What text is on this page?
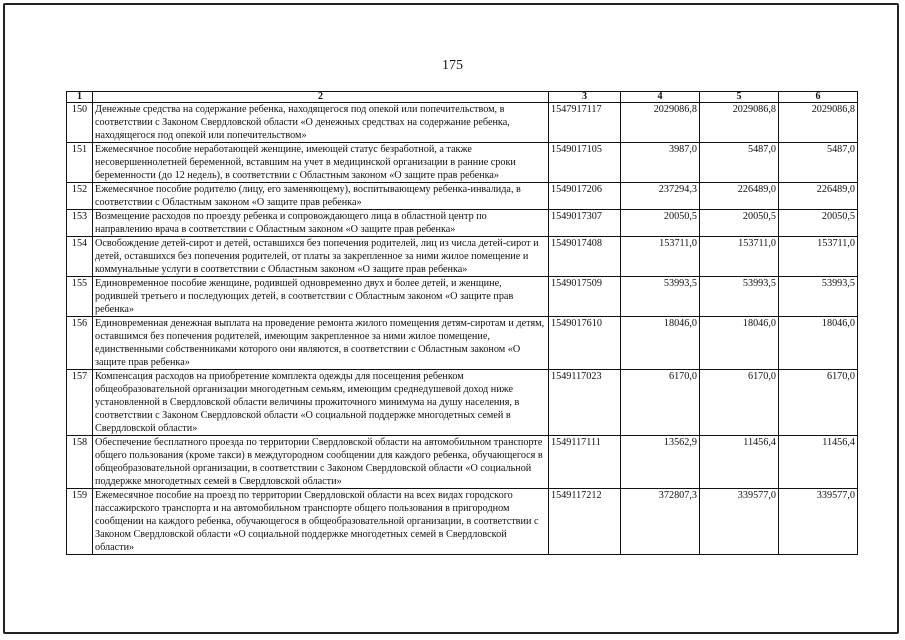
175
1	2	3	4	5	6
150	Денежные средства на содержание ребенка, находящегося под опекой или попечительством, в соответствии с Законом Свердловской области «О денежных средствах на содержание ребенка, находящегося под опекой или попечительством»	1547917117	2029086,8	2029086,8	2029086,8
151	Ежемесячное пособие неработающей женщине, имеющей статус безработной, а также несовершеннолетней беременной, вставшим на учет в медицинской организации в ранние сроки беременности (до 12 недель), в соответствии с Областным законом «О защите прав ребенка»	1549017105	3987,0	5487,0	5487,0
152	Ежемесячное пособие родителю (лицу, его заменяющему), воспитывающему ребенка-инвалида, в соответствии с Областным законом «О защите прав ребенка»	1549017206	237294,3	226489,0	226489,0
153	Возмещение расходов по проезду ребенка и сопровождающего лица в областной центр по направлению врача в соответствии с Областным законом «О защите прав ребенка»	1549017307	20050,5	20050,5	20050,5
154	Освобождение детей-сирот и детей, оставшихся без попечения родителей, лиц из числа детей-сирот и детей, оставшихся без попечения родителей, от платы за закрепленное за ними жилое помещение и коммунальные услуги в соответствии с Областным законом «О защите прав ребенка»	1549017408	153711,0	153711,0	153711,0
155	Единовременное пособие женщине, родившей одновременно двух и более детей, и женщине, родившей третьего и последующих детей, в соответствии с Областным законом «О защите прав ребенка»	1549017509	53993,5	53993,5	53993,5
156	Единовременная денежная выплата на проведение ремонта жилого помещения детям-сиротам и детям, оставшимся без попечения родителей, имеющим закрепленное за ними жилое помещение, единственными собственниками которого они являются, в соответствии с Областным законом «О защите прав ребенка»	1549017610	18046,0	18046,0	18046,0
157	Компенсация расходов на приобретение комплекта одежды для посещения ребенком общеобразовательной организации многодетным семьям, имеющим среднедушевой доход ниже установленной в Свердловской области величины прожиточного минимума на душу населения, в соответствии с Законом Свердловской области «О социальной поддержке многодетных семей в Свердловской области»	1549117023	6170,0	6170,0	6170,0
158	Обеспечение бесплатного проезда по территории Свердловской области на автомобильном транспорте общего пользования (кроме такси) в междугородном сообщении для каждого ребенка, обучающегося в общеобразовательной организации, в соответствии с Законом Свердловской области «О социальной поддержке многодетных семей в Свердловской области»	1549117111	13562,9	11456,4	11456,4
159	Ежемесячное пособие на проезд по территории Свердловской области на всех видах городского пассажирского транспорта и на автомобильном транспорте общего пользования в пригородном сообщении на каждого ребенка, обучающегося в общеобразовательной организации, в соответствии с Законом Свердловской области «О социальной поддержке многодетных семей в Свердловской области»	1549117212	372807,3	339577,0	339577,0
